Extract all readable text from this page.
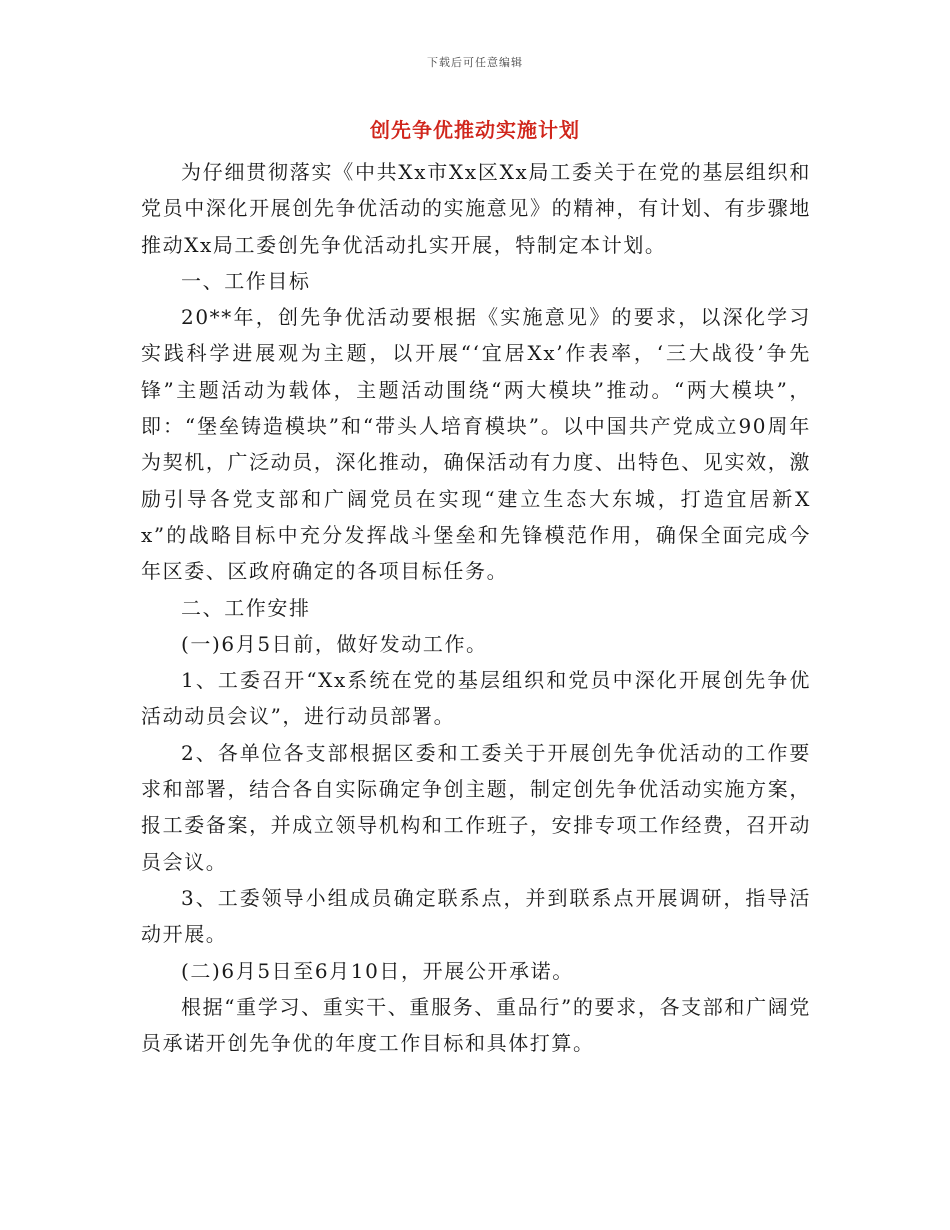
下载后可任意编辑
创先争优推动实施计划

为仔细贯彻落实《中共Xx市Xx区Xx局工委关于在党的基层组织和党员中深化开展创先争优活动的实施意见》的精神，有计划、有步骤地推动Xx局工委创先争优活动扎实开展，特制定本计划。

一、工作目标

20**年，创先争优活动要根据《实施意见》的要求，以深化学习实践科学进展观为主题，以开展“‘宜居Xx’作表率，‘三大战役’争先锋”主题活动为载体，主题活动围绕“两大模块”推动。“两大模块”，即：“堡垒铸造模块”和“带头人培育模块”。以中国共产党成立90周年为契机，广泛动员，深化推动，确保活动有力度、出特色、见实效，激励引导各党支部和广阔党员在实现“建立生态大东城，打造宜居新Xx”的战略目标中充分发挥战斗堡垒和先锋模范作用，确保全面完成今年区委、区政府确定的各项目标任务。

二、工作安排

(一)6月5日前，做好发动工作。

1、工委召开“Xx系统在党的基层组织和党员中深化开展创先争优活动动员会议”，进行动员部署。

2、各单位各支部根据区委和工委关于开展创先争优活动的工作要求和部署，结合各自实际确定争创主题，制定创先争优活动实施方案，报工委备案，并成立领导机构和工作班子，安排专项工作经费，召开动员会议。

3、工委领导小组成员确定联系点，并到联系点开展调研，指导活动开展。

(二)6月5日至6月10日，开展公开承诺。

根据“重学习、重实干、重服务、重品行”的要求，各支部和广阔党员承诺开创先争优的年度工作目标和具体打算。
